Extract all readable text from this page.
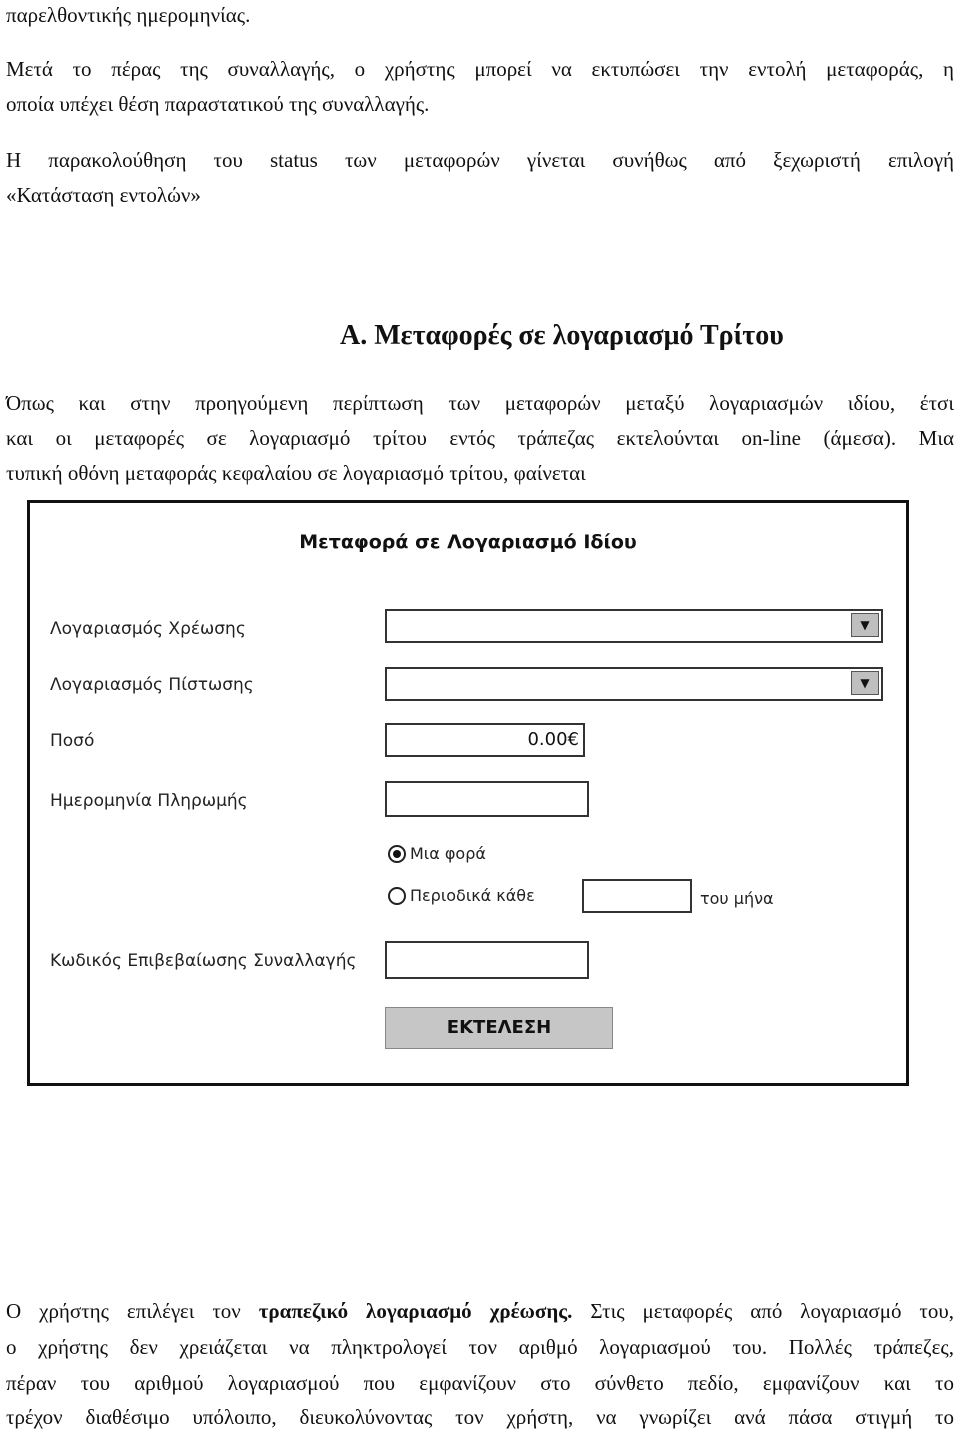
παρελθοντικής ημερομηνίας.
Μετά το πέρας της συναλλαγής, ο χρήστης μπορεί να εκτυπώσει την εντολή μεταφοράς, η
οποία υπέχει θέση παραστατικού της συναλλαγής.
Η παρακολούθηση του status των μεταφορών γίνεται συνήθως από ξεχωριστή επιλογή
«Κατάσταση εντολών»
Α. Μεταφορές σε λογαριασμό Τρίτου
Όπως και στην προηγούμενη περίπτωση των μεταφορών μεταξύ λογαριασμών ιδίου, έτσι
και οι μεταφορές σε λογαριασμό τρίτου εντός τράπεζας εκτελούνται on-line (άμεσα). Μια
τυπική οθόνη μεταφοράς κεφαλαίου σε λογαριασμό τρίτου, φαίνεται
Μεταφορά σε Λογαριασμό Ιδίου
Λογαριασμός Χρέωσης	▼
Λογαριασμός Πίστωσης	▼
Ποσό	0.00€
Ημερομηνία Πληρωμής
Μια φορά
Περιοδικά κάθε	του μήνα
Κωδικός Επιβεβαίωσης Συναλλαγής
ΕΚΤΕΛΕΣΗ
Ο χρήστης επιλέγει τον τραπεζικό λογαριασμό χρέωσης. Στις μεταφορές από λογαριασμό του,
ο χρήστης δεν χρειάζεται να πληκτρολογεί τον αριθμό λογαριασμού του. Πολλές τράπεζες,
πέραν του αριθμού λογαριασμού που εμφανίζουν στο σύνθετο πεδίο, εμφανίζουν και το
τρέχον διαθέσιμο υπόλοιπο, διευκολύνοντας τον χρήστη, να γνωρίζει ανά πάσα στιγμή το
